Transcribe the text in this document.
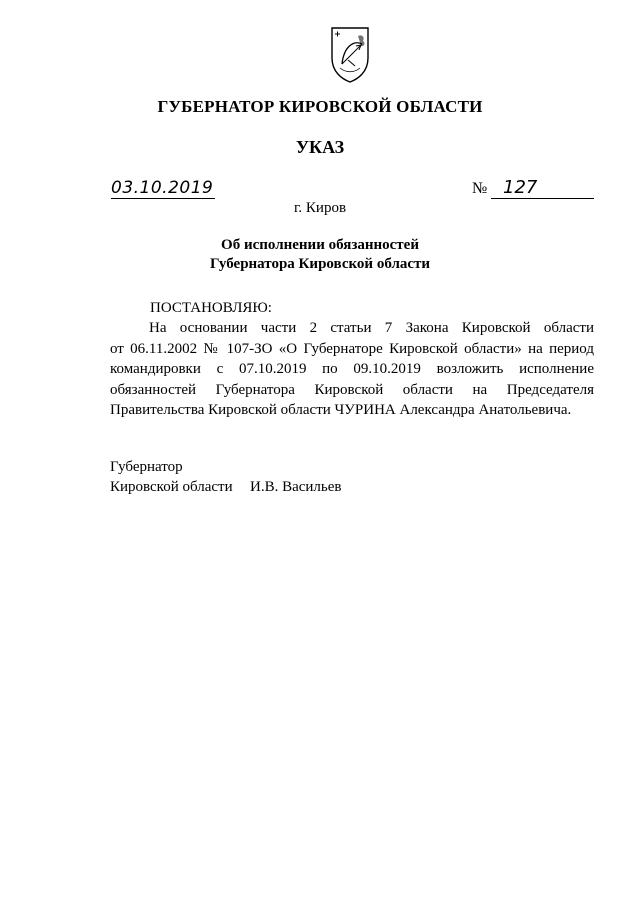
ГУБЕРНАТОР КИРОВСКОЙ ОБЛАСТИ
УКАЗ
03.10.2019	№ 127
г. Киров
Об исполнении обязанностей
Губернатора Кировской области
ПОСТАНОВЛЯЮ:
На основании части 2 статьи 7 Закона Кировской области
от 06.11.2002 № 107-ЗО «О Губернаторе Кировской области» на период
командировки с 07.10.2019 по 09.10.2019 возложить исполнение
обязанностей Губернатора Кировской области на Председателя
Правительства Кировской области ЧУРИНА Александра Анатольевича.
Губернатор
Кировской области И.В. Васильев
